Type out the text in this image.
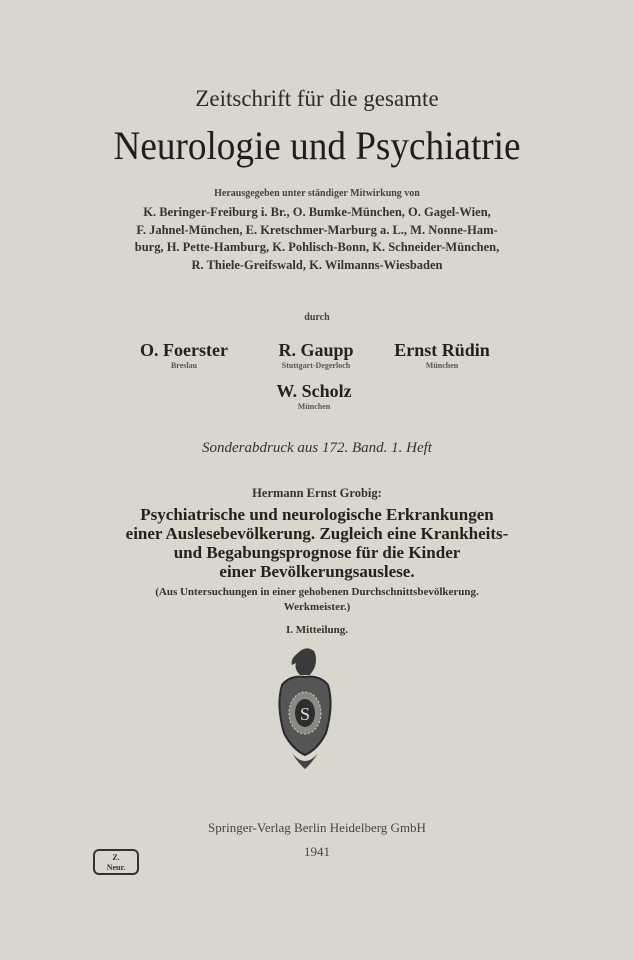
Zeitschrift für die gesamte
Neurologie und Psychiatrie
Herausgegeben unter ständiger Mitwirkung von
K. Beringer-Freiburg i. Br., O. Bumke-München, O. Gagel-Wien,
F. Jahnel-München, E. Kretschmer-Marburg a. L., M. Nonne-Ham-
burg, H. Pette-Hamburg, K. Pohlisch-Bonn, K. Schneider-München,
R. Thiele-Greifswald, K. Wilmanns-Wiesbaden
durch
O. Foerster
Breslau
R. Gaupp
Stuttgart-Degerloch
Ernst Rüdin
München
W. Scholz
München
Sonderabdruck aus 172. Band. 1. Heft
Hermann Ernst Grobig:
Psychiatrische und neurologische Erkrankungen
einer Auslesebevölkerung. Zugleich eine Krankheits-
und Begabungsprognose für die Kinder
einer Bevölkerungsauslese.
(Aus Untersuchungen in einer gehobenen Durchschnittsbevölkerung.
Werkmeister.)
I. Mitteilung.
S
Springer-Verlag Berlin Heidelberg GmbH
1941
Z.
Neur.
